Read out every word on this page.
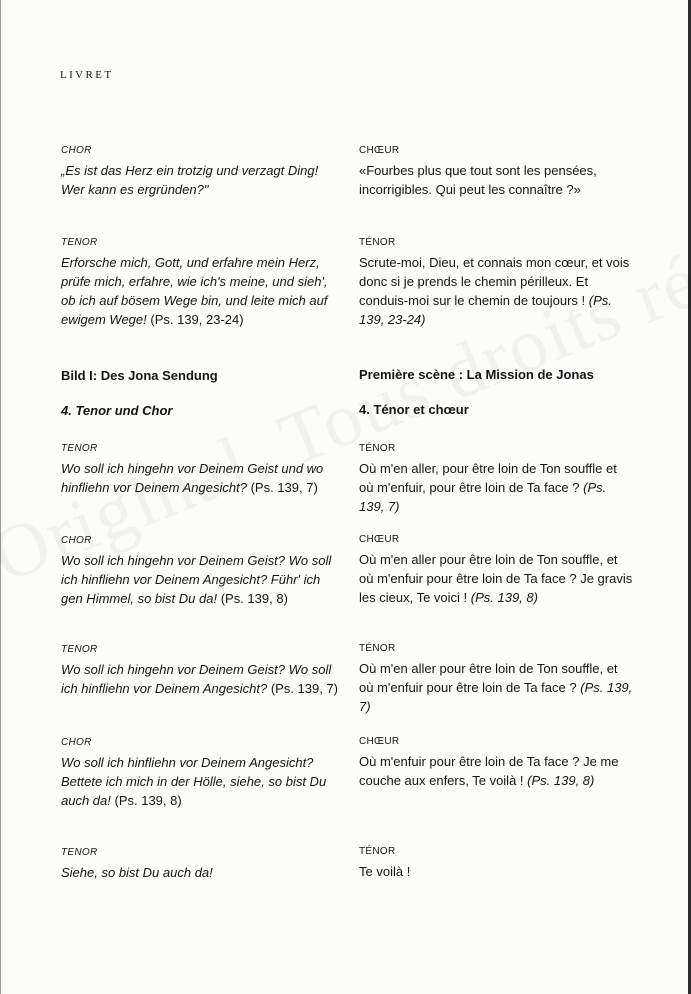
LIVRET
CHOR

„Es ist das Herz ein trotzig und verzagt Ding! Wer kann es ergründen?"

TENOR

Erforsche mich, Gott, und erfahre mein Herz, prüfe mich, erfahre, wie ich's meine, und sieh', ob ich auf bösem Wege bin, und leite mich auf ewigem Wege! (Ps. 139, 23-24)

Bild I: Des Jona Sendung
4. Tenor und Chor
TENOR

Wo soll ich hingehn vor Deinem Geist und wo hinfliehn vor Deinem Angesicht? (Ps. 139, 7)

CHOR

Wo soll ich hingehn vor Deinem Geist? Wo soll ich hinfliehn vor Deinem Angesicht? Führ' ich gen Himmel, so bist Du da! (Ps. 139, 8)

TENOR

Wo soll ich hingehn vor Deinem Geist? Wo soll ich hinfliehn vor Deinem Angesicht? (Ps. 139, 7)

CHOR

Wo soll ich hinfliehn vor Deinem Angesicht? Bettete ich mich in der Hölle, siehe, so bist Du auch da! (Ps. 139, 8)

TENOR

Siehe, so bist Du auch da!

CHŒUR

«Fourbes plus que tout sont les pensées, incorrigibles. Qui peut les connaître ?»

TÉNOR

Scrute-moi, Dieu, et connais mon cœur, et vois donc si je prends le chemin périlleux. Et conduis-moi sur le chemin de toujours ! (Ps. 139, 23-24)

Première scène : La Mission de Jonas
4. Ténor et chœur
TÉNOR

Où m'en aller, pour être loin de Ton souffle et où m'enfuir, pour être loin de Ta face ? (Ps. 139, 7)

CHŒUR

Où m'en aller pour être loin de Ton souffle, et où m'enfuir pour être loin de Ta face ? Je gravis les cieux, Te voici ! (Ps. 139, 8)

TÉNOR

Où m'en aller pour être loin de Ton souffle, et où m'enfuir pour être loin de Ta face ? (Ps. 139, 7)

CHŒUR

Où m'enfuir pour être loin de Ta face ? Je me couche aux enfers, Te voilà ! (Ps. 139, 8)

TÉNOR

Te voilà !
